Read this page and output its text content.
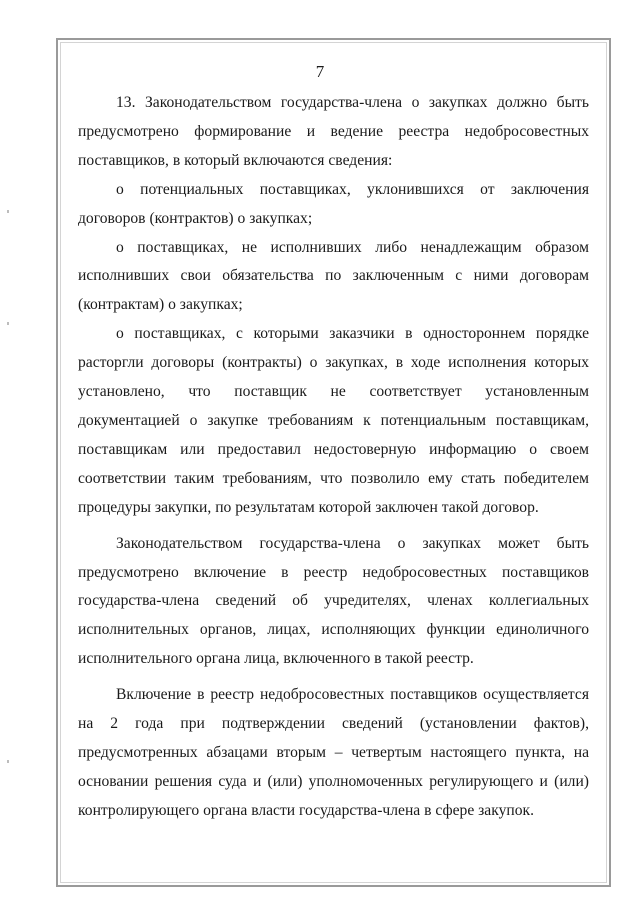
7

13. Законодательством государства-члена о закупках должно быть предусмотрено формирование и ведение реестра недобросовестных поставщиков, в который включаются сведения:

о потенциальных поставщиках, уклонившихся от заключения договоров (контрактов) о закупках;

о поставщиках, не исполнивших либо ненадлежащим образом исполнивших свои обязательства по заключенным с ними договорам (контрактам) о закупках;

о поставщиках, с которыми заказчики в одностороннем порядке расторгли договоры (контракты) о закупках, в ходе исполнения которых установлено, что поставщик не соответствует установленным документацией о закупке требованиям к потенциальным поставщикам, поставщикам или предоставил недостоверную информацию о своем соответствии таким требованиям, что позволило ему стать победителем процедуры закупки, по результатам которой заключен такой договор.

Законодательством государства-члена о закупках может быть предусмотрено включение в реестр недобросовестных поставщиков государства-члена сведений об учредителях, членах коллегиальных исполнительных органов, лицах, исполняющих функции единоличного исполнительного органа лица, включенного в такой реестр.

Включение в реестр недобросовестных поставщиков осуществляется на 2 года при подтверждении сведений (установлении фактов), предусмотренных абзацами вторым – четвертым настоящего пункта, на основании решения суда и (или) уполномоченных регулирующего и (или) контролирующего органа власти государства-члена в сфере закупок.
